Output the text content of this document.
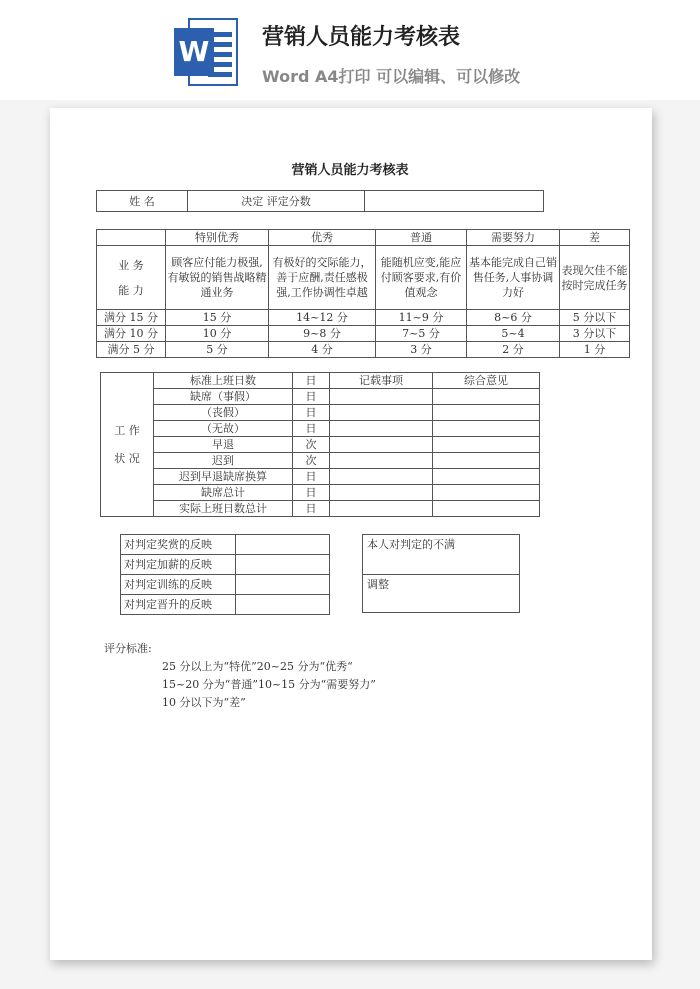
W 营销人员能力考核表
Word A4打印 可以编辑、可以修改
营销人员能力考核表
姓 名	决定 评定分数	
	特别优秀	优秀	普通	需要努力	差

业 务
能 力	顾客应付能力极强,有敏锐的销售战略精通业务	有极好的交际能力，善于应酬,责任感极强,工作协调性卓越	能随机应变,能应付顾客要求,有价值观念	基本能完成自己销售任务,人事协调力好	表现欠佳不能按时完成任务
满分 15 分	15 分	14~12 分	11~9 分	8~6 分	5 分以下
满分 10 分	10 分	9~8 分	7~5 分	5~4	3 分以下
满分 5 分	5 分	4 分	3 分	2 分	1 分
工 作
状 况	标准上班日数	日	记载事项	综合意见
	缺席（事假）	日		
	（丧假）	日		
	（无故）	日		
	早退	次		
	迟到	次		
	迟到早退缺席换算	日		
	缺席总计	日		
	实际上班日数总计	日		
对判定奖赏的反映	
对判定加薪的反映	
对判定训练的反映	
对判定晋升的反映	
本人对判定的不满
调整
评分标准:
25 分以上为“特优”20~25 分为“优秀“
15~20 分为“普通”10~15 分为“需要努力”
10 分以下为“差”
